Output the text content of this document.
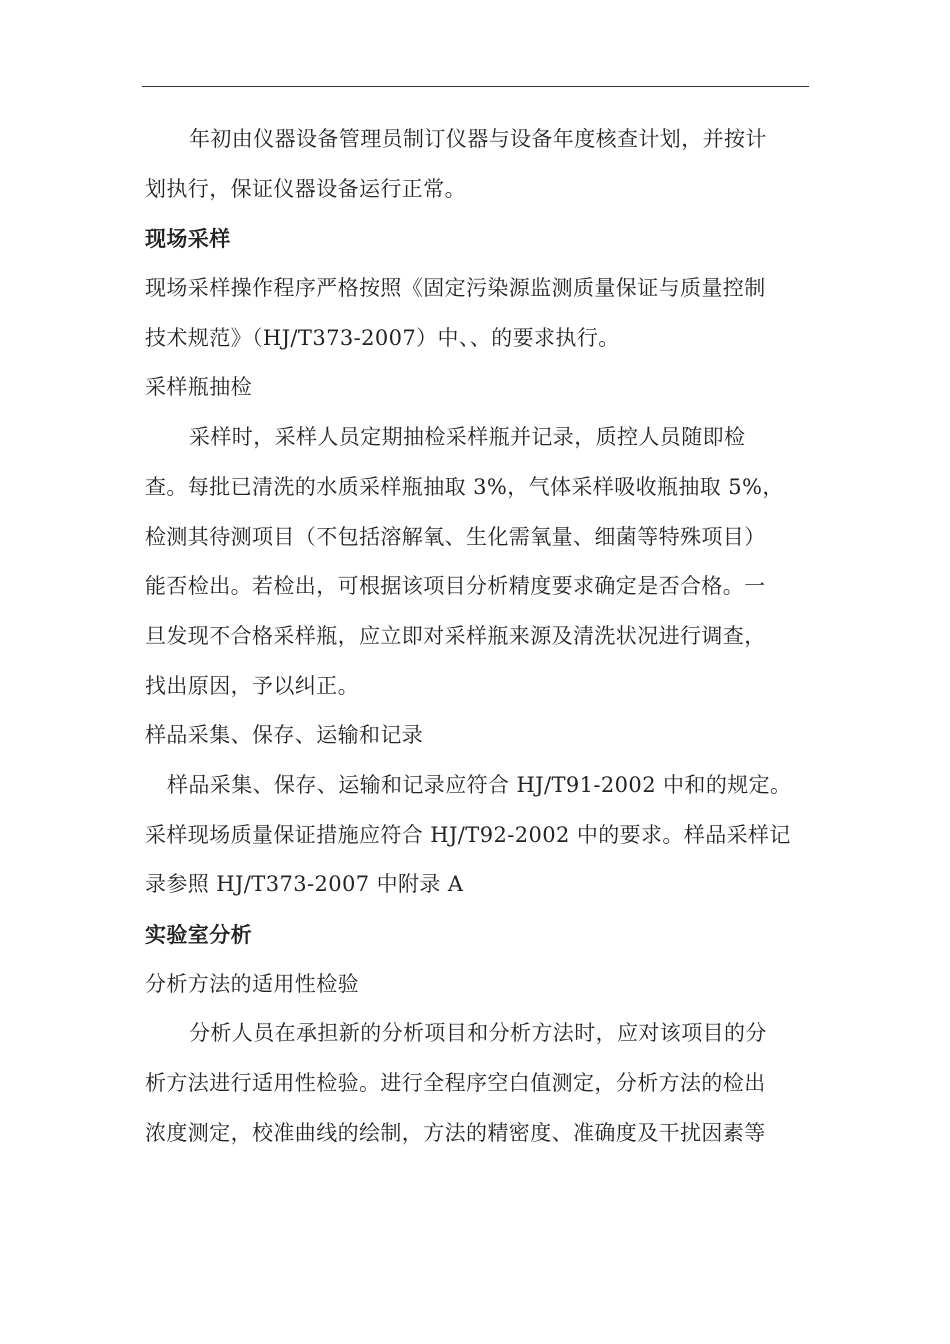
年初由仪器设备管理员制订仪器与设备年度核查计划，并按计
划执行，保证仪器设备运行正常。
现场采样
现场采样操作程序严格按照《固定污染源监测质量保证与质量控制
技术规范》（HJ/T373-2007）中、、的要求执行。
采样瓶抽检
采样时，采样人员定期抽检采样瓶并记录，质控人员随即检
查。每批已清洗的水质采样瓶抽取 3%，气体采样吸收瓶抽取 5%，
检测其待测项目（不包括溶解氧、生化需氧量、细菌等特殊项目）
能否检出。若检出，可根据该项目分析精度要求确定是否合格。一
旦发现不合格采样瓶，应立即对采样瓶来源及清洗状况进行调查，
找出原因，予以纠正。
样品采集、保存、运输和记录
样品采集、保存、运输和记录应符合 HJ/T91-2002 中和的规定。
采样现场质量保证措施应符合 HJ/T92-2002 中的要求。样品采样记
录参照 HJ/T373-2007 中附录 A
实验室分析
分析方法的适用性检验
分析人员在承担新的分析项目和分析方法时，应对该项目的分
析方法进行适用性检验。进行全程序空白值测定，分析方法的检出
浓度测定，校准曲线的绘制，方法的精密度、准确度及干扰因素等
